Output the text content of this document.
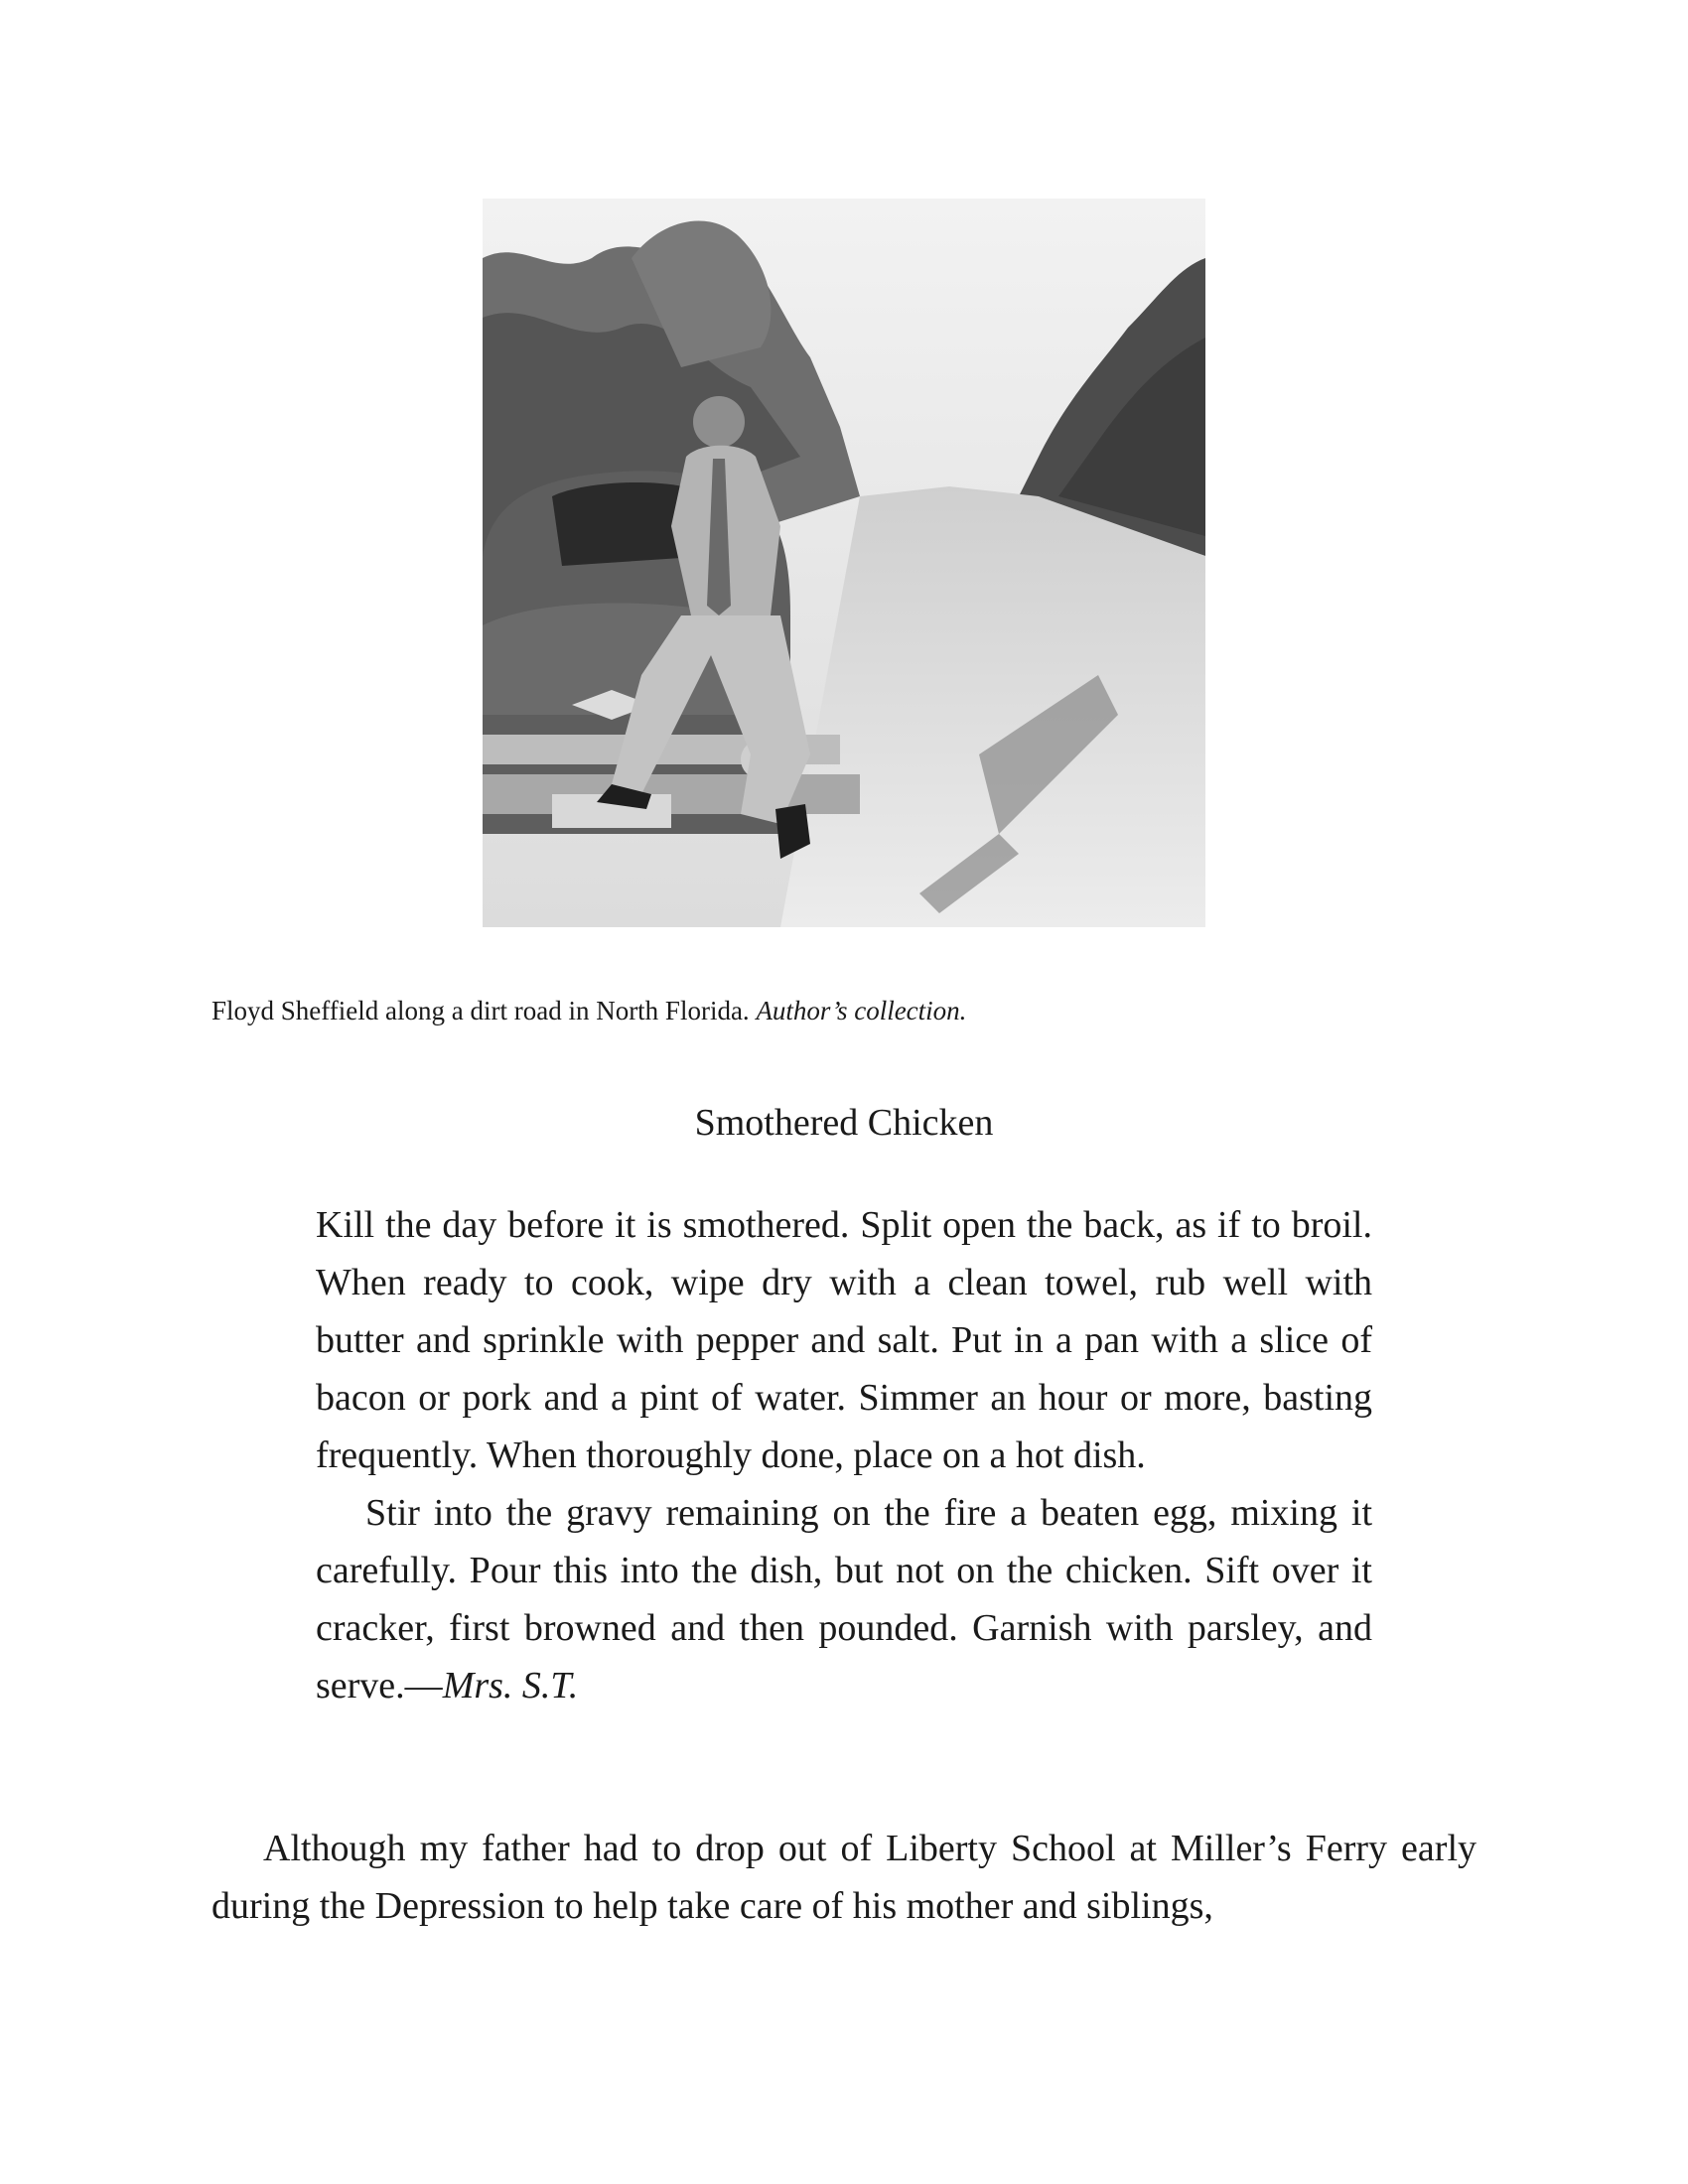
Floyd Sheffield along a dirt road in North Florida. Author’s collection.
Smothered Chicken

Kill the day before it is smothered. Split open the back, as if to broil. When ready to cook, wipe dry with a clean towel, rub well with butter and sprinkle with pepper and salt. Put in a pan with a slice of bacon or pork and a pint of water. Simmer an hour or more, basting frequently. When thoroughly done, place on a hot dish.

Stir into the gravy remaining on the fire a beaten egg, mixing it carefully. Pour this into the dish, but not on the chicken. Sift over it cracker, first browned and then pounded. Garnish with parsley, and serve.—Mrs. S.T.

Although my father had to drop out of Liberty School at Miller’s Ferry early during the Depression to help take care of his mother and siblings,
